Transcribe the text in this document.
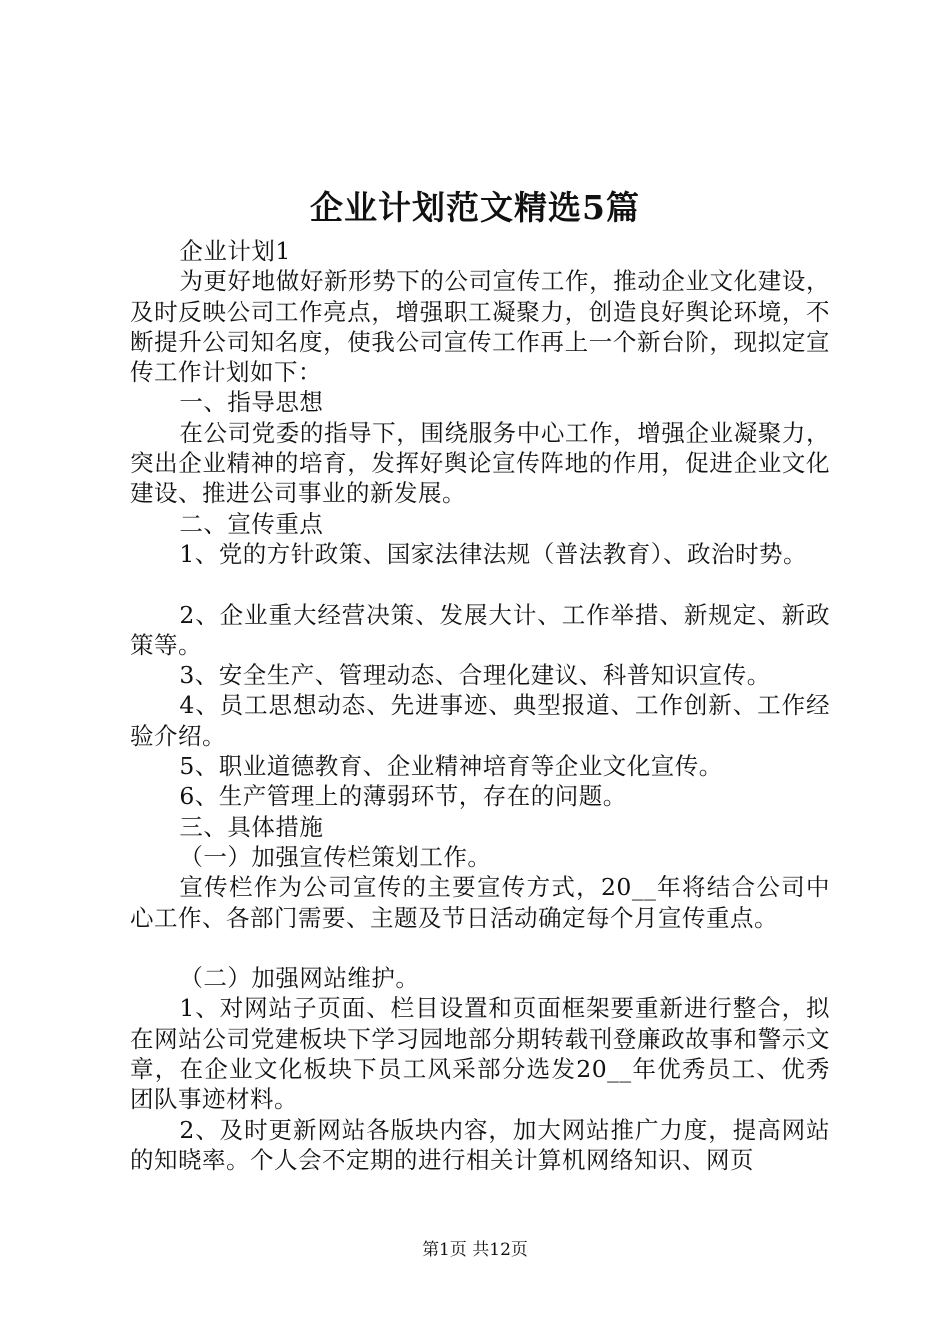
企业计划范文精选5篇

企业计划1

为更好地做好新形势下的公司宣传工作，推动企业文化建设，及时反映公司工作亮点，增强职工凝聚力，创造良好舆论环境，不断提升公司知名度，使我公司宣传工作再上一个新台阶，现拟定宣传工作计划如下：

一、指导思想

在公司党委的指导下，围绕服务中心工作，增强企业凝聚力，突出企业精神的培育，发挥好舆论宣传阵地的作用，促进企业文化建设、推进公司事业的新发展。

二、宣传重点

1、党的方针政策、国家法律法规（普法教育）、政治时势。

2、企业重大经营决策、发展大计、工作举措、新规定、新政策等。

3、安全生产、管理动态、合理化建议、科普知识宣传。

4、员工思想动态、先进事迹、典型报道、工作创新、工作经验介绍。

5、职业道德教育、企业精神培育等企业文化宣传。

6、生产管理上的薄弱环节，存在的问题。

三、具体措施

（一）加强宣传栏策划工作。

宣传栏作为公司宣传的主要宣传方式，20__年将结合公司中心工作、各部门需要、主题及节日活动确定每个月宣传重点。

（二）加强网站维护。

1、对网站子页面、栏目设置和页面框架要重新进行整合，拟在网站公司党建板块下学习园地部分期转载刊登廉政故事和警示文章，在企业文化板块下员工风采部分选发20__年优秀员工、优秀团队事迹材料。

2、及时更新网站各版块内容，加大网站推广力度，提高网站的知晓率。个人会不定期的进行相关计算机网络知识、网页

第1页 共12页
